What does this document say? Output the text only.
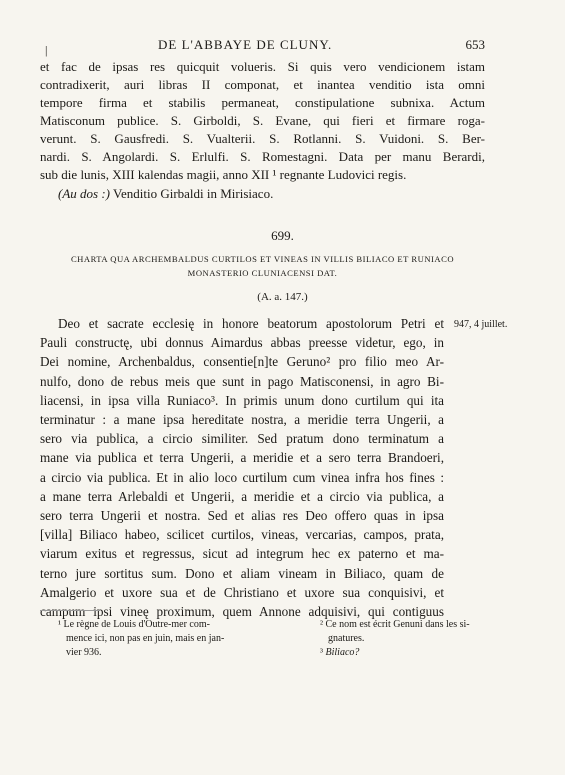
|	DE L'ABBAYE DE CLUNY.	653
et fac de ipsas res quicquit volueris. Si quis vero vendicionem istam
contradixerit, auri libras II componat, et inantea venditio ista omni
tempore firma et stabilis permaneat, constipulatione subnixa. Actum
Matisconum publice. S. Girboldi, S. Evane, qui fieri et firmare roga-
verunt. S. Gausfredi. S. Vualterii. S. Rotlanni. S. Vuidoni. S. Ber-
nardi. S. Angolardi. S. Erlulfi. S. Romestagni. Data per manu Berardi,
sub die lunis, XIII kalendas magii, anno XII ¹ regnante Ludovici regis.
(Au dos :) Venditio Girbaldi in Mirisiaco.
699.
CHARTA QUA ARCHEMBALDUS CURTILOS ET VINEAS IN VILLIS BILIACO ET RUNIACO
MONASTERIO CLUNIACENSI DAT.
(A. a. 147.)
947, 4 juillet.
Deo et sacrate ecclesię in honore beatorum apostolorum Petri et
Pauli constructę, ubi donnus Aimardus abbas preesse videtur, ego, in
Dei nomine, Archenbaldus, consentie[n]te Geruno² pro filio meo Ar-
nulfo, dono de rebus meis que sunt in pago Matisconensi, in agro Bi-
liacensi, in ipsa villa Runiaco³. In primis unum dono curtilum qui ita
terminatur : a mane ipsa hereditate nostra, a meridie terra Ungerii, a
sero via publica, a circio similiter. Sed pratum dono terminatum a
mane via publica et terra Ungerii, a meridie et a sero terra Brandoeri,
a circio via publica. Et in alio loco curtilum cum vinea infra hos fines :
a mane terra Arlebaldi et Ungerii, a meridie et a circio via publica, a
sero terra Ungerii et nostra. Sed et alias res Deo offero quas in ipsa
[villa] Biliaco habeo, scilicet curtilos, vineas, vercarias, campos, prata,
viarum exitus et regressus, sicut ad integrum hec ex paterno et ma-
terno jure sortitus sum. Dono et aliam vineam in Biliaco, quam de
Amalgerio et uxore sua et de Christiano et uxore sua conquisivi, et
campum ipsi vineę proximum, quem Annone adquisivi, qui contiguus
¹ Le règne de Louis d'Outre-mer com-
mence ici, non pas en juin, mais en jan-
vier 936.
² Ce nom est écrit Genuni dans les si-
gnatures.
³ Biliaco?
